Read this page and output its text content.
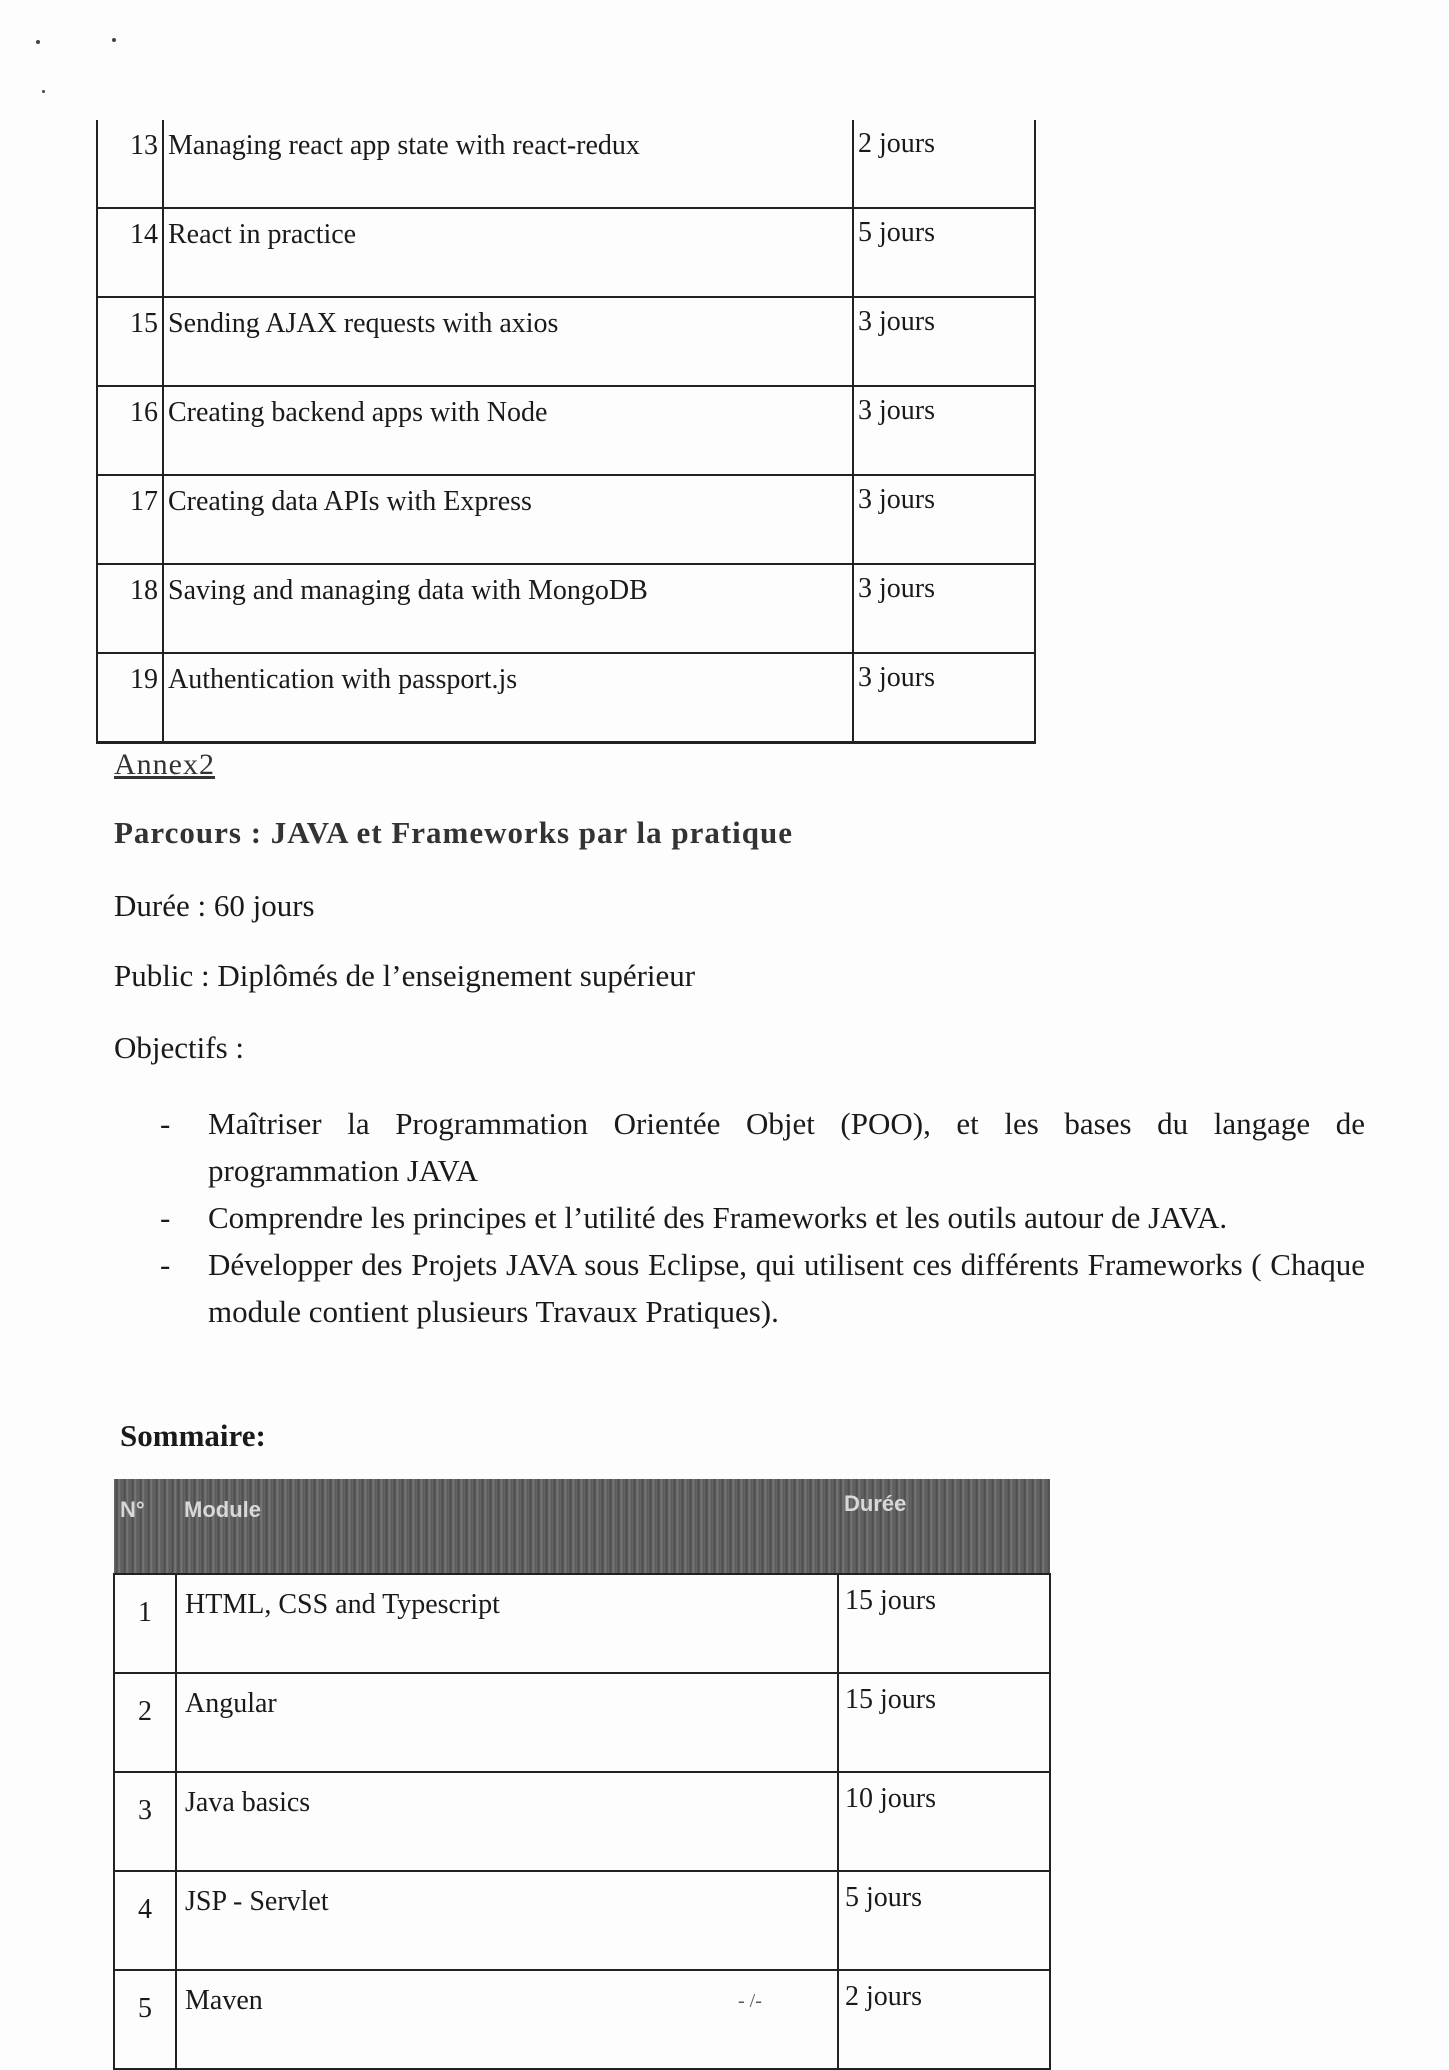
13	Managing react app state with react-redux	2 jours
14	React in practice	5 jours
15	Sending AJAX requests with axios	3 jours
16	Creating backend apps with Node	3 jours
17	Creating data APIs with Express	3 jours
18	Saving and managing data with MongoDB	3 jours
19	Authentication with passport.js	3 jours
Annex2
Parcours : JAVA et Frameworks par la pratique
Durée : 60 jours
Public : Diplômés de l’enseignement supérieur
Objectifs :
- Maîtriser la Programmation Orientée Objet (POO), et les bases du langage de programmation JAVA
- Comprendre les principes et l’utilité des Frameworks et les outils autour de JAVA.
- Développer des Projets JAVA sous Eclipse, qui utilisent ces différents Frameworks ( Chaque module contient plusieurs Travaux Pratiques).
Sommaire:
N°	Module	Durée
1	HTML, CSS and Typescript	15 jours
2	Angular	15 jours
3	Java basics	10 jours
4	JSP - Servlet	5 jours
5	Maven	2 jours
- /-
